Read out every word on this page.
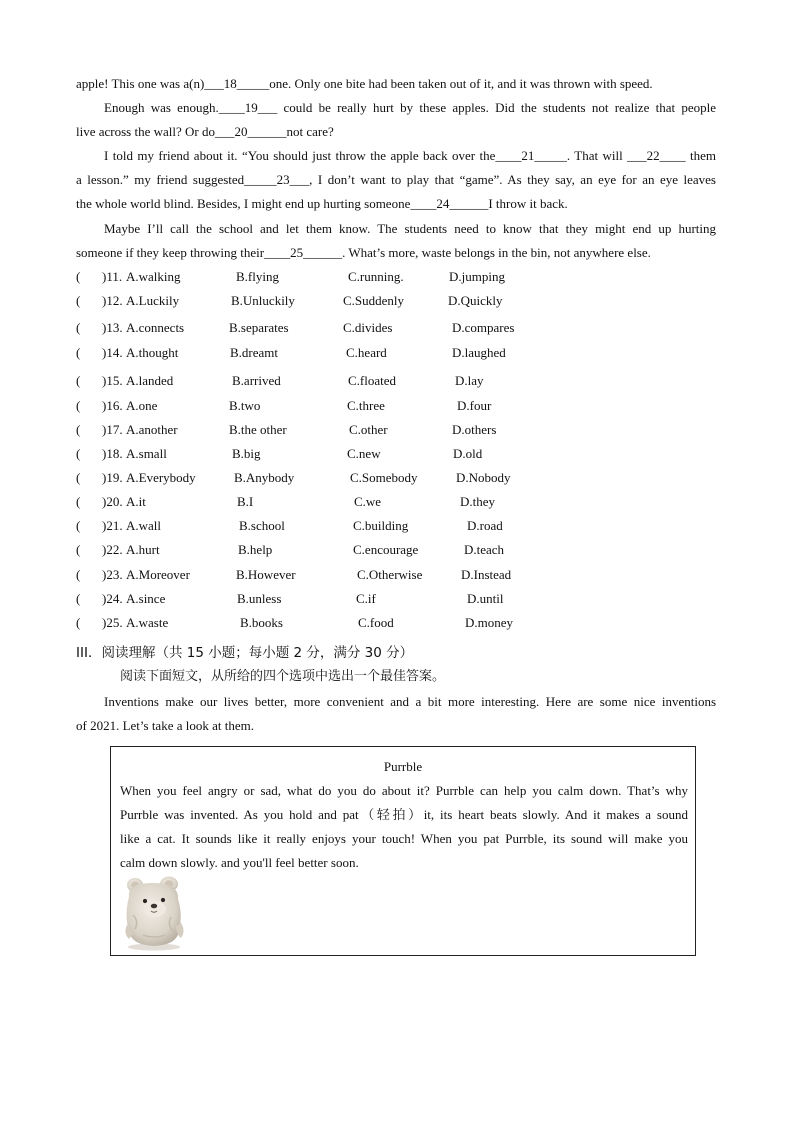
apple! This one was a(n)___18_____one. Only one bite had been taken out of it, and it was thrown with speed.
Enough was enough.____19___ could be really hurt by these apples. Did the students not realize that people
live across the wall? Or do___20______not care?
I told my friend about it. “You should just throw the apple back over the____21_____. That will ___22____ them
a lesson.” my friend suggested_____23___, I don’t want to play that “game”. As they say, an eye for an eye leaves
the whole world blind. Besides, I might end up hurting someone____24______I throw it back.
Maybe I’ll call the school and let them know. The students need to know that they might end up hurting
someone if they keep throwing their____25______. What’s more, waste belongs in the bin, not anywhere else.
( )11. A.walking	B.flying	C.running.	D.jumping
( )12. A.Luckily	B.Unluckily	C.Suddenly	D.Quickly
( )13. A.connects	B.separates	C.divides	D.compares
( )14. A.thought	B.dreamt	C.heard	D.laughed
( )15. A.landed	B.arrived	C.floated	D.lay
( )16. A.one	B.two	C.three	D.four
( )17. A.another	B.the other	C.other	D.others
( )18. A.small	B.big	C.new	D.old
( )19. A.Everybody	B.Anybody	C.Somebody	D.Nobody
( )20. A.it	B.I	C.we	D.they
( )21. A.wall	B.school	C.building	D.road
( )22. A.hurt	B.help	C.encourage	D.teach
( )23. A.Moreover	B.However	C.Otherwise	D.Instead
( )24. A.since	B.unless	C.if	D.until
( )25. A.waste	B.books	C.food	D.money
III．阅读理解（共 15 小题；每小题 2 分，满分 30 分）
阅读下面短文，从所给的四个选项中选出一个最佳答案。
Inventions make our lives better, more convenient and a bit more interesting. Here are some nice inventions
of 2021. Let’s take a look at them.
Purrble
When you feel angry or sad, what do you do about it? Purrble can help you calm down. That’s why
Purrble was invented. As you hold and pat（轻拍）it, its heart beats slowly. And it makes a sound
like a cat. It sounds like it really enjoys your touch! When you pat Purrble, its sound will make you
calm down slowly. and you'll feel better soon.
